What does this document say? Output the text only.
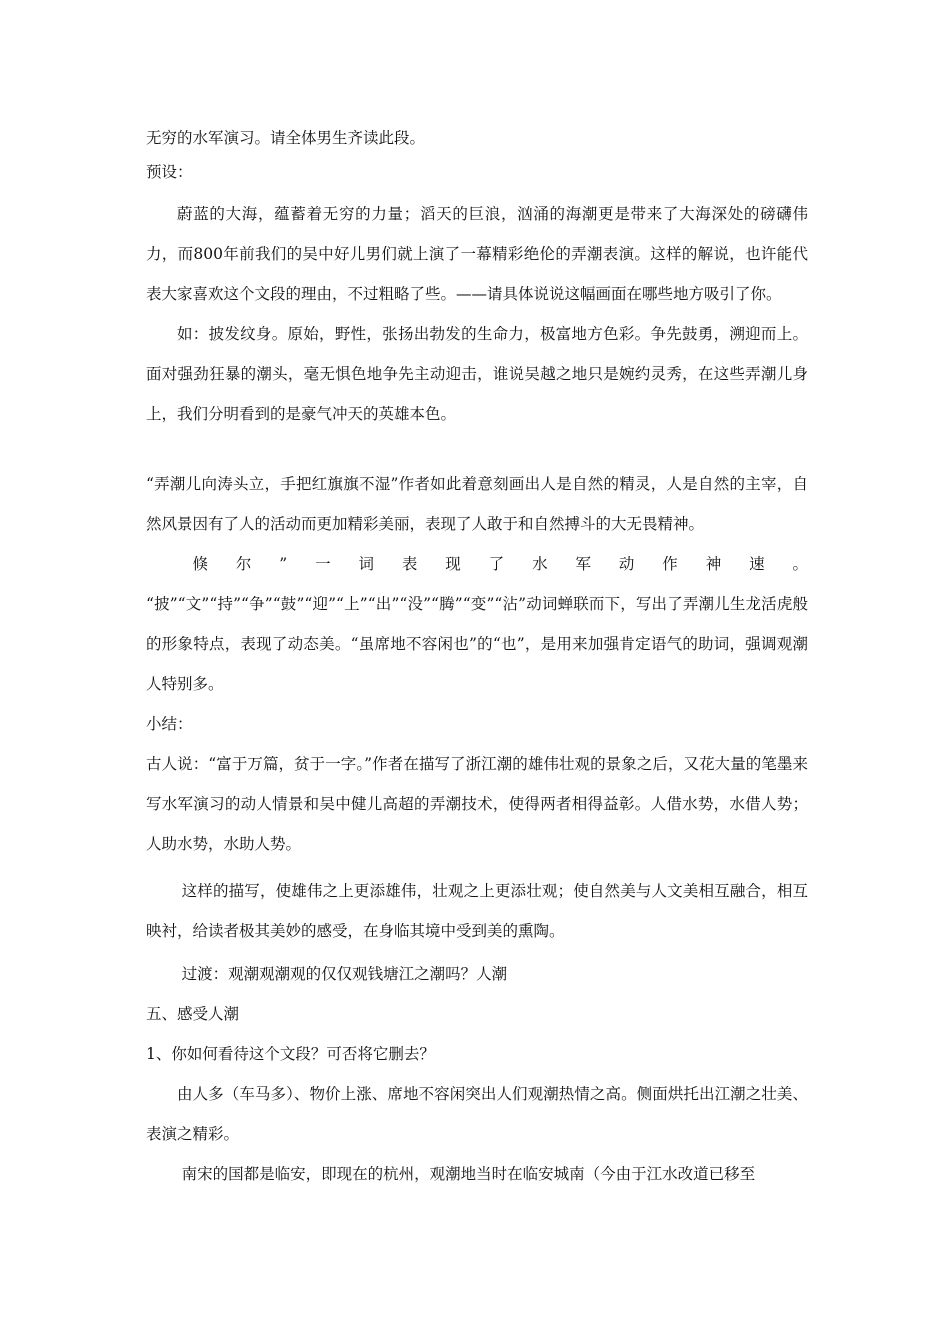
无穷的水军演习。请全体男生齐读此段。

预设：

蔚蓝的大海，蕴蓄着无穷的力量；滔天的巨浪，汹涌的海潮更是带来了大海深处的磅礴伟力，而800年前我们的吴中好儿男们就上演了一幕精彩绝伦的弄潮表演。这样的解说，也许能代表大家喜欢这个文段的理由，不过粗略了些。——请具体说说这幅画面在哪些地方吸引了你。

如：披发纹身。原始，野性，张扬出勃发的生命力，极富地方色彩。争先鼓勇，溯迎而上。面对强劲狂暴的潮头，毫无惧色地争先主动迎击，谁说吴越之地只是婉约灵秀，在这些弄潮儿身上，我们分明看到的是豪气冲天的英雄本色。

“弄潮儿向涛头立，手把红旗旗不湿”作者如此着意刻画出人是自然的精灵，人是自然的主宰，自然风景因有了人的活动而更加精彩美丽，表现了人敢于和自然搏斗的大无畏精神。

倏尔”一词表现了水军动作神速。 “披”“文”“持”“争”“鼓”“迎”“上”“出”“没”“腾”“变”“沾”动词蝉联而下，写出了弄潮儿生龙活虎般的形象特点，表现了动态美。“虽席地不容闲也”的“也”，是用来加强肯定语气的助词，强调观潮人特别多。

小结：

古人说：“富于万篇，贫于一字。”作者在描写了浙江潮的雄伟壮观的景象之后，又花大量的笔墨来写水军演习的动人情景和吴中健儿高超的弄潮技术，使得两者相得益彰。人借水势，水借人势；人助水势，水助人势。

这样的描写，使雄伟之上更添雄伟，壮观之上更添壮观；使自然美与人文美相互融合，相互映衬，给读者极其美妙的感受，在身临其境中受到美的熏陶。

过渡：观潮观潮观的仅仅观钱塘江之潮吗？人潮

五、感受人潮

1、你如何看待这个文段？可否将它删去？

由人多（车马多）、物价上涨、席地不容闲突出人们观潮热情之高。侧面烘托出江潮之壮美、表演之精彩。

南宋的国都是临安，即现在的杭州，观潮地当时在临安城南（今由于江水改道已移至
